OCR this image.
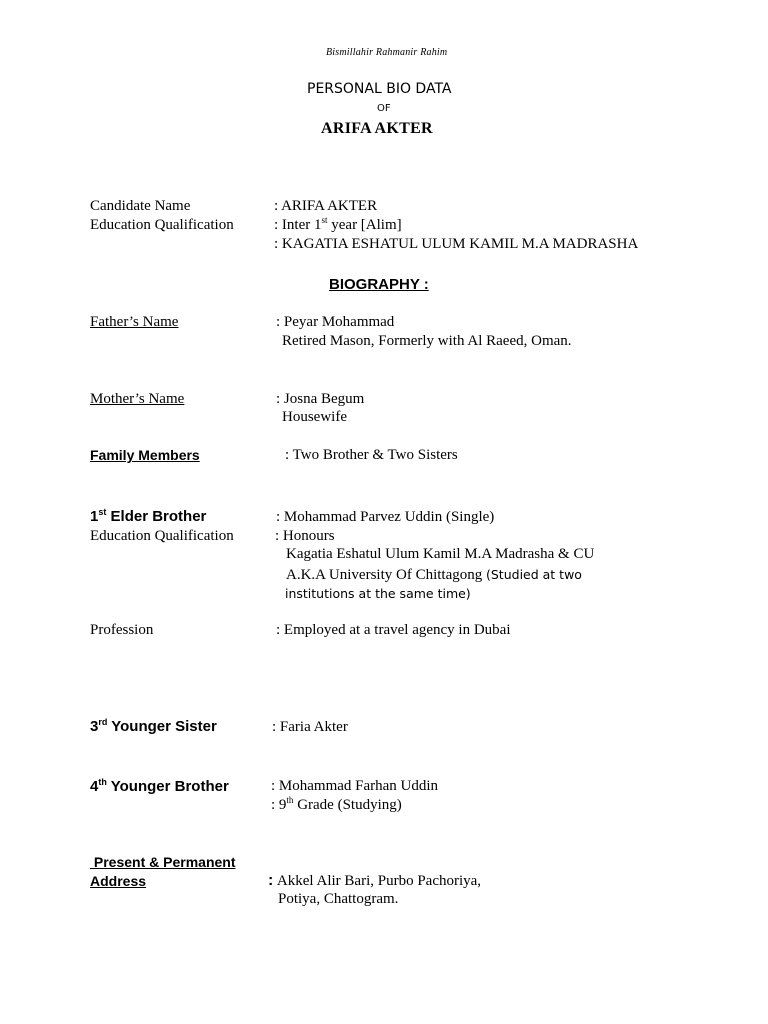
Bismillahir Rahmanir Rahim
PERSONAL BIO DATA
OF
ARIFA AKTER
Candidate Name	: ARIFA AKTER
Education Qualification	: Inter 1st year [Alim]
: KAGATIA ESHATUL ULUM KAMIL M.A MADRASHA
BIOGRAPHY :
Father’s Name	: Peyar Mohammad
Retired Mason, Formerly with Al Raeed, Oman.
Mother’s Name	: Josna Begum
Housewife
Family Members	: Two Brother & Two Sisters
1st Elder Brother	: Mohammad Parvez Uddin (Single)
Education Qualification	: Honours
Kagatia Eshatul Ulum Kamil M.A Madrasha & CU
A.K.A University Of Chittagong (Studied at two
institutions at the same time)
Profession	: Employed at a travel agency in Dubai
3rd Younger Sister	: Faria Akter
4th Younger Brother	: Mohammad Farhan Uddin
: 9th Grade (Studying)
Present & Permanent
Address	: Akkel Alir Bari, Purbo Pachoriya,
Potiya, Chattogram.
